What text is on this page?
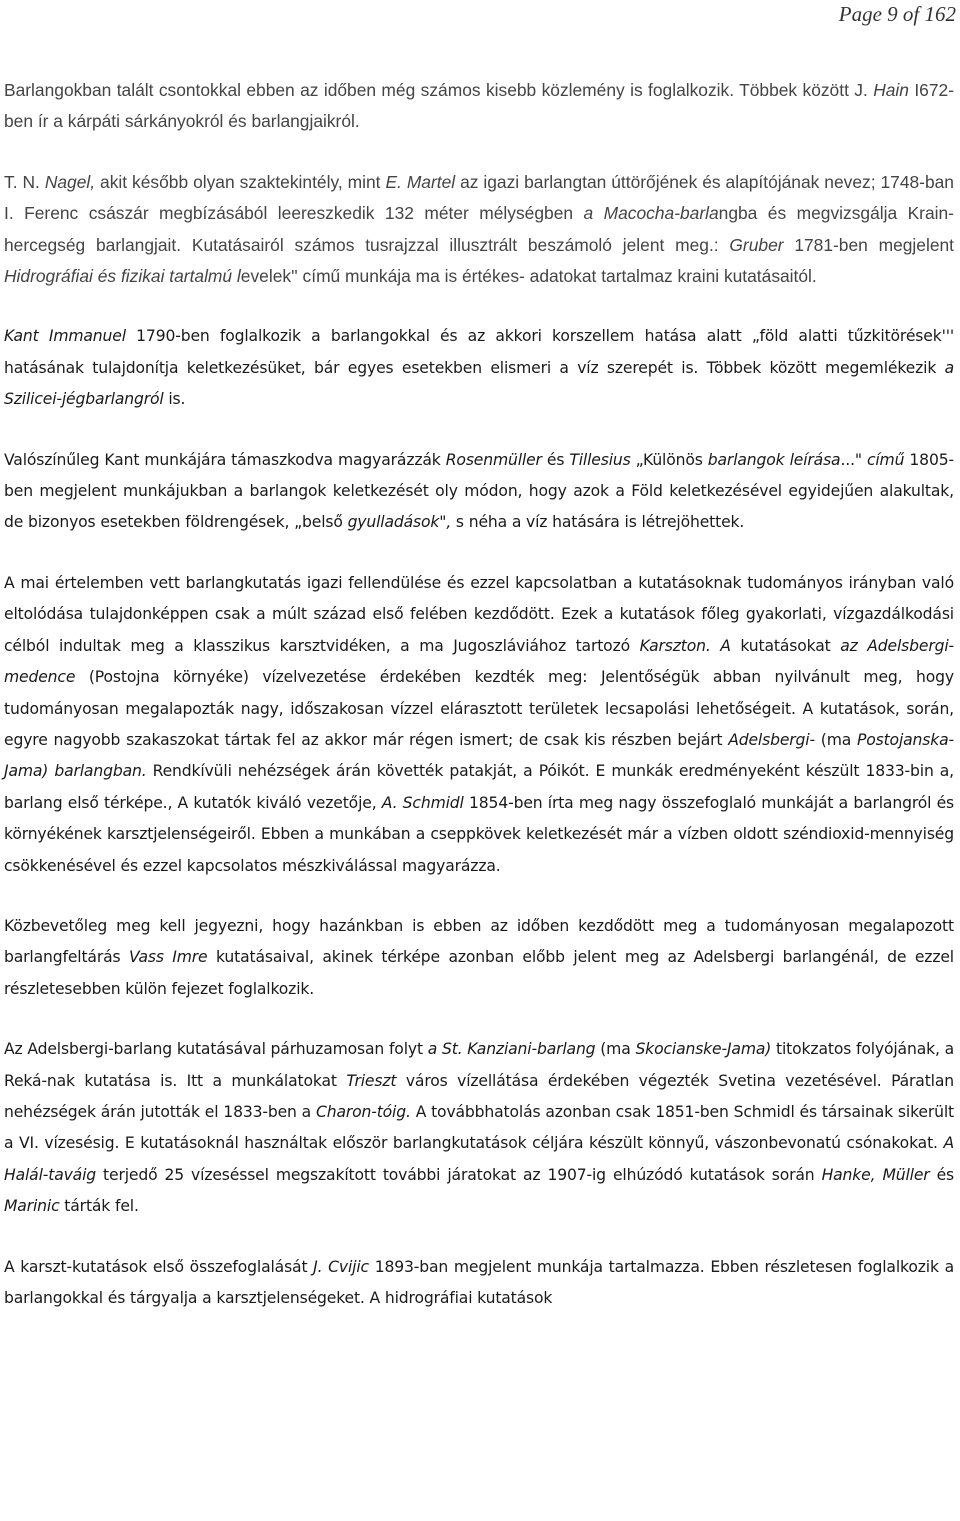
Page 9 of 162

Barlangokban talált csontokkal ebben az időben még számos kisebb közlemény is foglalkozik. Többek között J. Hain I672-ben ír a kárpáti sárkányokról és barlangjaikról.

T. N. Nagel, akit később olyan szaktekintély, mint E. Martel az igazi barlangtan úttörőjének és alapítójának nevez; 1748-ban I. Ferenc császár megbízásából leereszkedik 132 méter mélységben a Macocha-barlangba és megvizsgálja Krain-hercegség barlangjait. Kutatásairól számos tusrajzzal illusztrált beszámoló jelent meg.: Gruber 1781-ben megjelent Hidrográfiai és fizikai tartalmú levelek'' című munkája ma is értékes- adatokat tartalmaz kraini kutatásaitól.

Kant Immanuel 1790-ben foglalkozik a barlangokkal és az akkori korszellem hatása alatt „föld alatti tűzkitörések''' hatásának tulajdonítja keletkezésüket, bár egyes esetekben elismeri a víz szerepét is. Többek között megemlékezik a Szilicei-jégbarlangról is.

Valószínűleg Kant munkájára támaszkodva magyarázzák Rosenmüller és Tillesius „Különös barlangok leírása..." című 1805-ben megjelent munkájukban a barlangok keletkezését oly módon, hogy azok a Föld keletkezésével egyidejűen alakultak, de bizonyos esetekben földrengések, „belső gyulladások", s néha a víz hatására is létrejöhettek.

A mai értelemben vett barlangkutatás igazi fellendülése és ezzel kapcsolatban a kutatásoknak tudományos irányban való eltolódása tulajdonképpen csak a múlt század első felében kezdődött. Ezek a kutatások főleg gyakorlati, vízgazdálkodási célból indultak meg a klasszikus karsztvidéken, a ma Jugoszláviához tartozó Karszton. A kutatásokat az Adelsbergi-medence (Postojna környéke) vízelvezetése érdekében kezdték meg: Jelentőségük abban nyilvánult meg, hogy tudományosan megalapozták nagy, időszakosan vízzel elárasztott területek lecsapolási lehetőségeit. A kutatások, során, egyre nagyobb szakaszokat tártak fel az akkor már régen ismert; de csak kis részben bejárt Adelsbergi- (ma Postojanska-Jama) barlangban. Rendkívüli nehézségek árán követték patakját, a Póikót. E munkák eredményeként készült 1833-bin a, barlang első térképe., A kutatók kiváló vezetője, A. Schmidl 1854-ben írta meg nagy összefoglaló munkáját a barlangról és környékének karsztjelenségeiről. Ebben a munkában a cseppkövek keletkezését már a vízben oldott széndioxid-mennyiség csökkenésével és ezzel kapcsolatos mészkiválással magyarázza.

Közbevetőleg meg kell jegyezni, hogy hazánkban is ebben az időben kezdődött meg a tudományosan megalapozott barlangfeltárás Vass Imre kutatásaival, akinek térképe azonban előbb jelent meg az Adelsbergi barlangénál, de ezzel részletesebben külön fejezet foglalkozik.

Az Adelsbergi-barlang kutatásával párhuzamosan folyt a St. Kanziani-barlang (ma Skocianske-Jama) titokzatos folyójának, a Reká-nak kutatása is. Itt a munkálatokat Trieszt város vízellátása érdekében végezték Svetina vezetésével. Páratlan nehézségek árán jutották el 1833-ben a Charon-tóig. A továbbhatolás azonban csak 1851-ben Schmidl és társainak sikerült a VI. vízesésig. E kutatásoknál használtak először barlangkutatások céljára készült könnyű, vászonbevonatú csónakokat. A Halál-taváig terjedő 25 vízeséssel megszakított további járatokat az 1907-ig elhúzódó kutatások során Hanke, Müller és Marinic tárták fel.

A karszt-kutatások első összefoglalását J. Cvijic 1893-ban megjelent munkája tartalmazza. Ebben részletesen foglalkozik a barlangokkal és tárgyalja a karsztjelenségeket. A hidrográfiai kutatások
